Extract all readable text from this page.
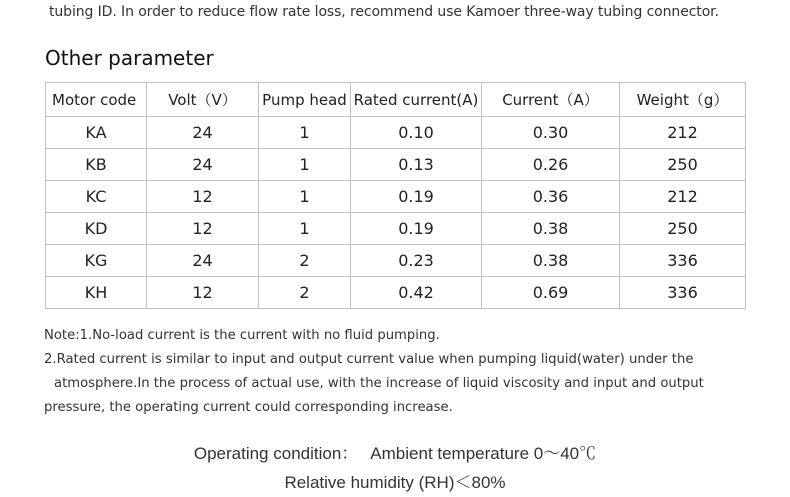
tubing ID. In order to reduce flow rate loss, recommend use Kamoer three-way tubing connector.
Other parameter
Motor code	Volt（V）	Pump head	Rated current(A)	Current（A）	Weight（g）
KA	24	1	0.10	0.30	212
KB	24	1	0.13	0.26	250
KC	12	1	0.19	0.36	212
KD	12	1	0.19	0.38	250
KG	24	2	0.23	0.38	336
KH	12	2	0.42	0.69	336

Note:1.No-load current is the current with no fluid pumping.

2.Rated current is similar to input and output current value when pumping liquid(water) under the

atmosphere.In the process of actual use, with the increase of liquid viscosity and input and output

pressure, the operating current could corresponding increase.

Operating condition： Ambient temperature 0～40℃
Relative humidity (RH)＜80%
